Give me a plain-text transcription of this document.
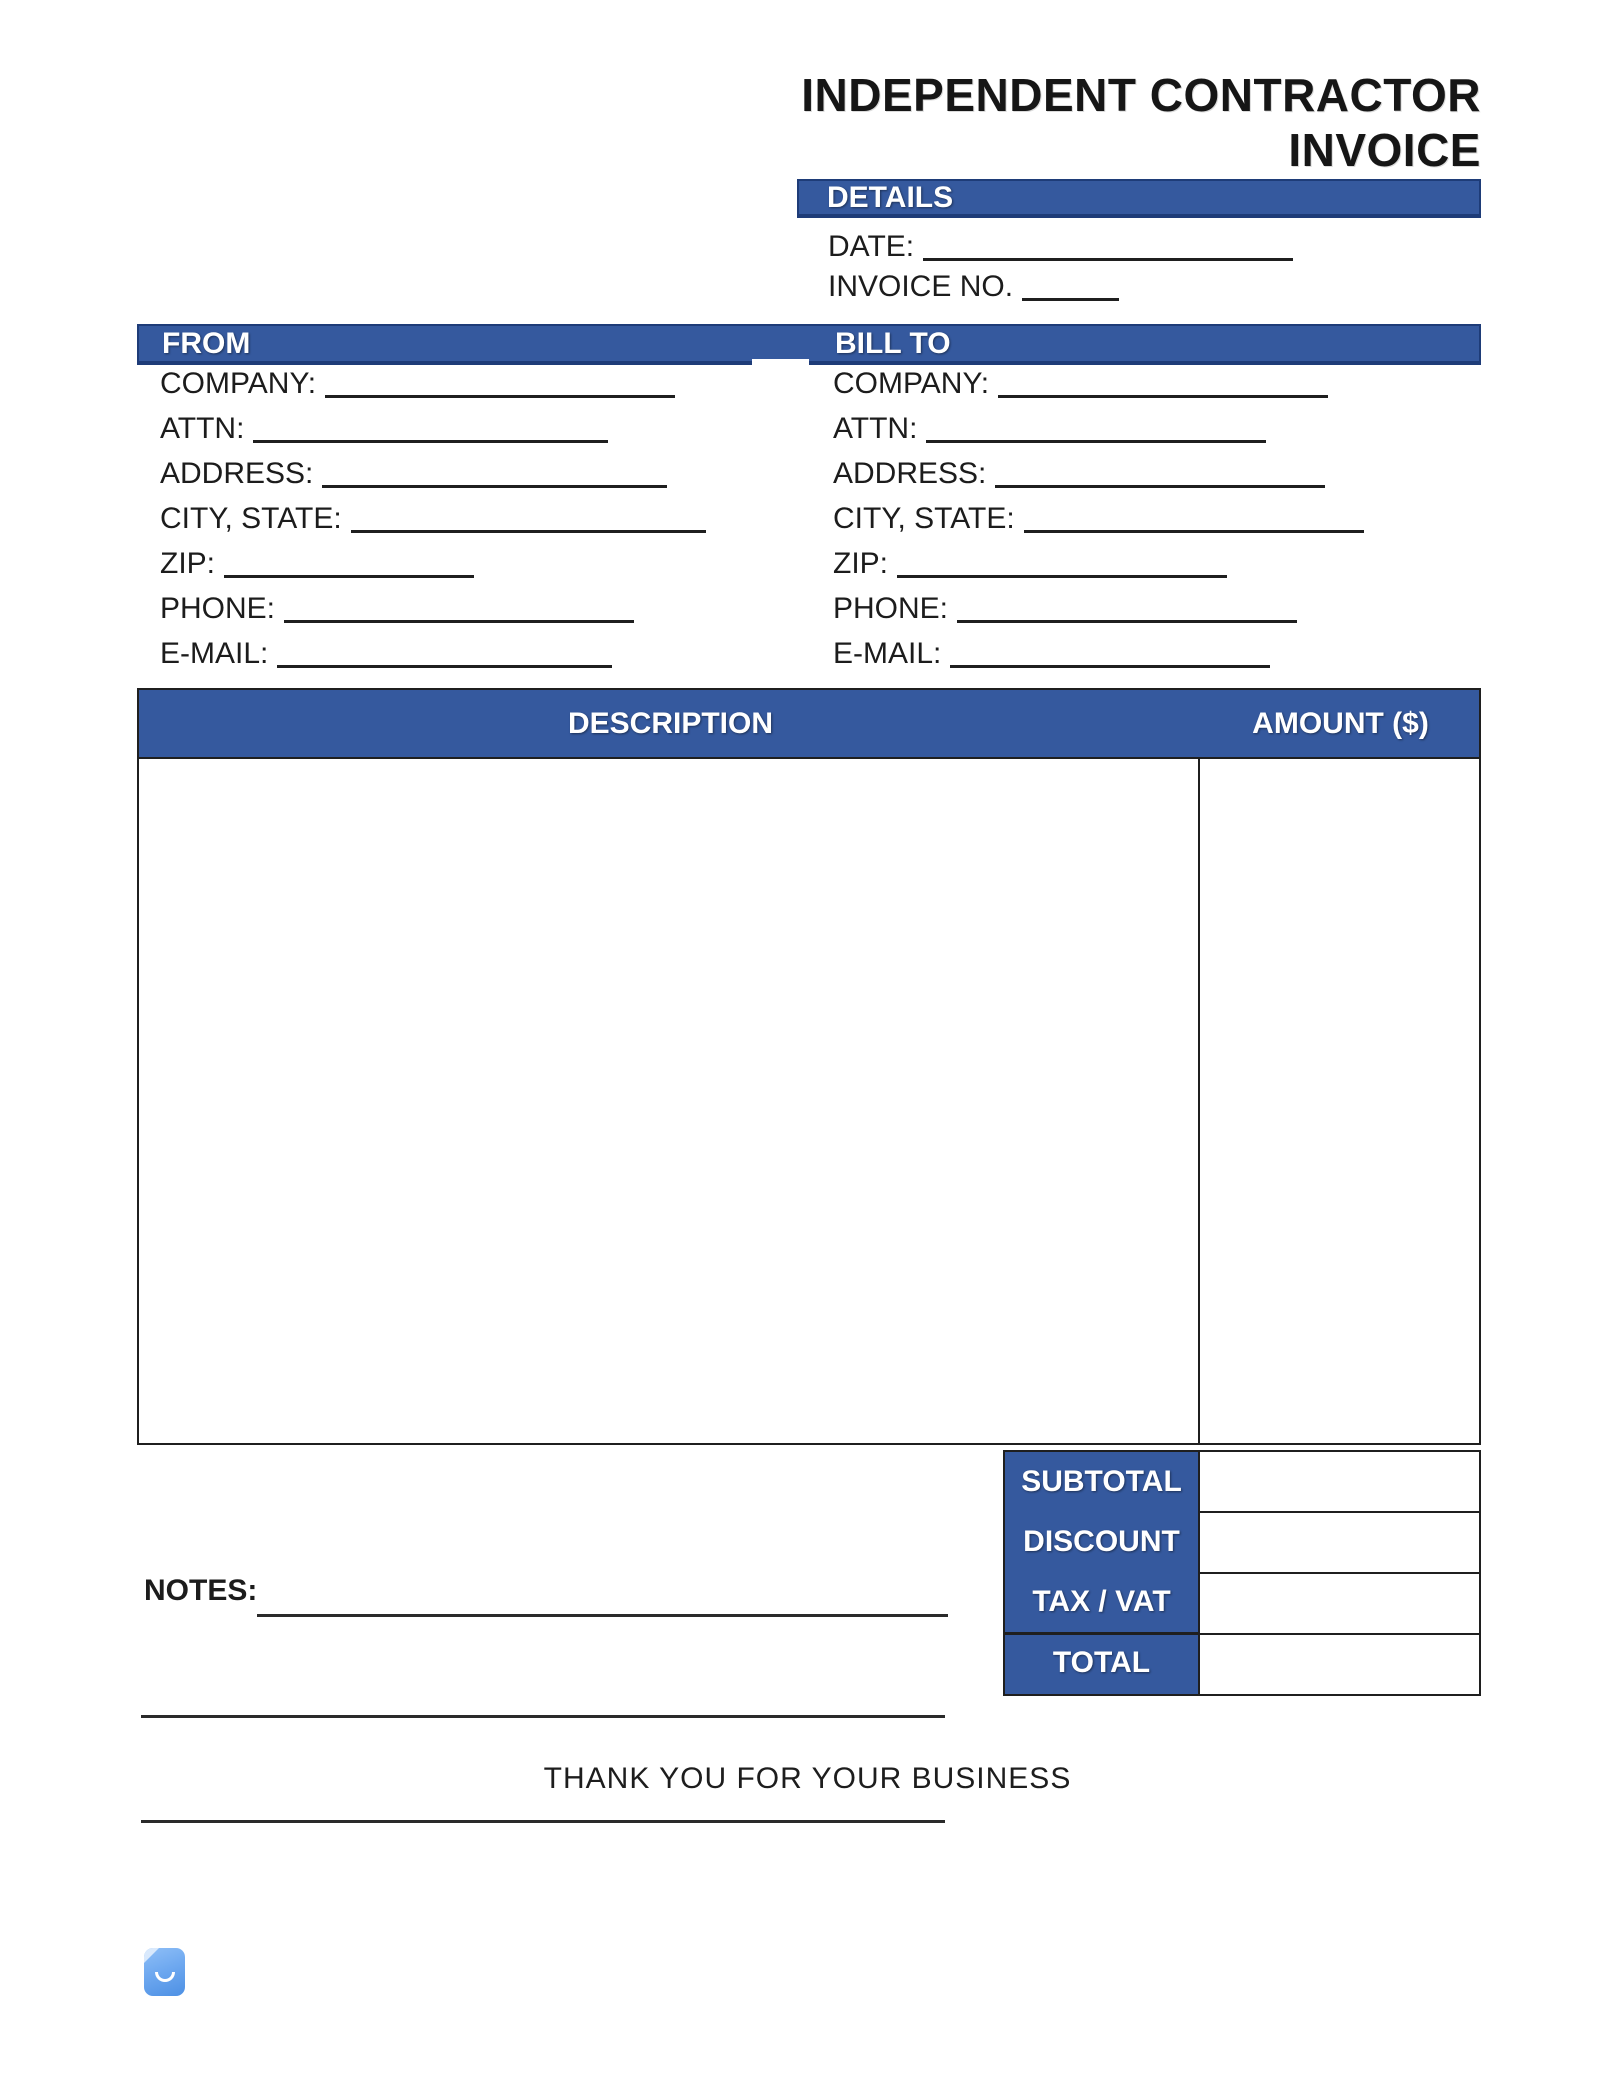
INDEPENDENT CONTRACTOR
INVOICE
DETAILS
DATE:
INVOICE NO.
FROM	BILL TO
COMPANY:
ATTN:
ADDRESS:
CITY, STATE:
ZIP:
PHONE:
E-MAIL:
COMPANY:
ATTN:
ADDRESS:
CITY, STATE:
ZIP:
PHONE:
E-MAIL:
DESCRIPTION	AMOUNT ($)
SUBTOTAL
DISCOUNT
TAX / VAT
TOTAL
NOTES:
THANK YOU FOR YOUR BUSINESS
